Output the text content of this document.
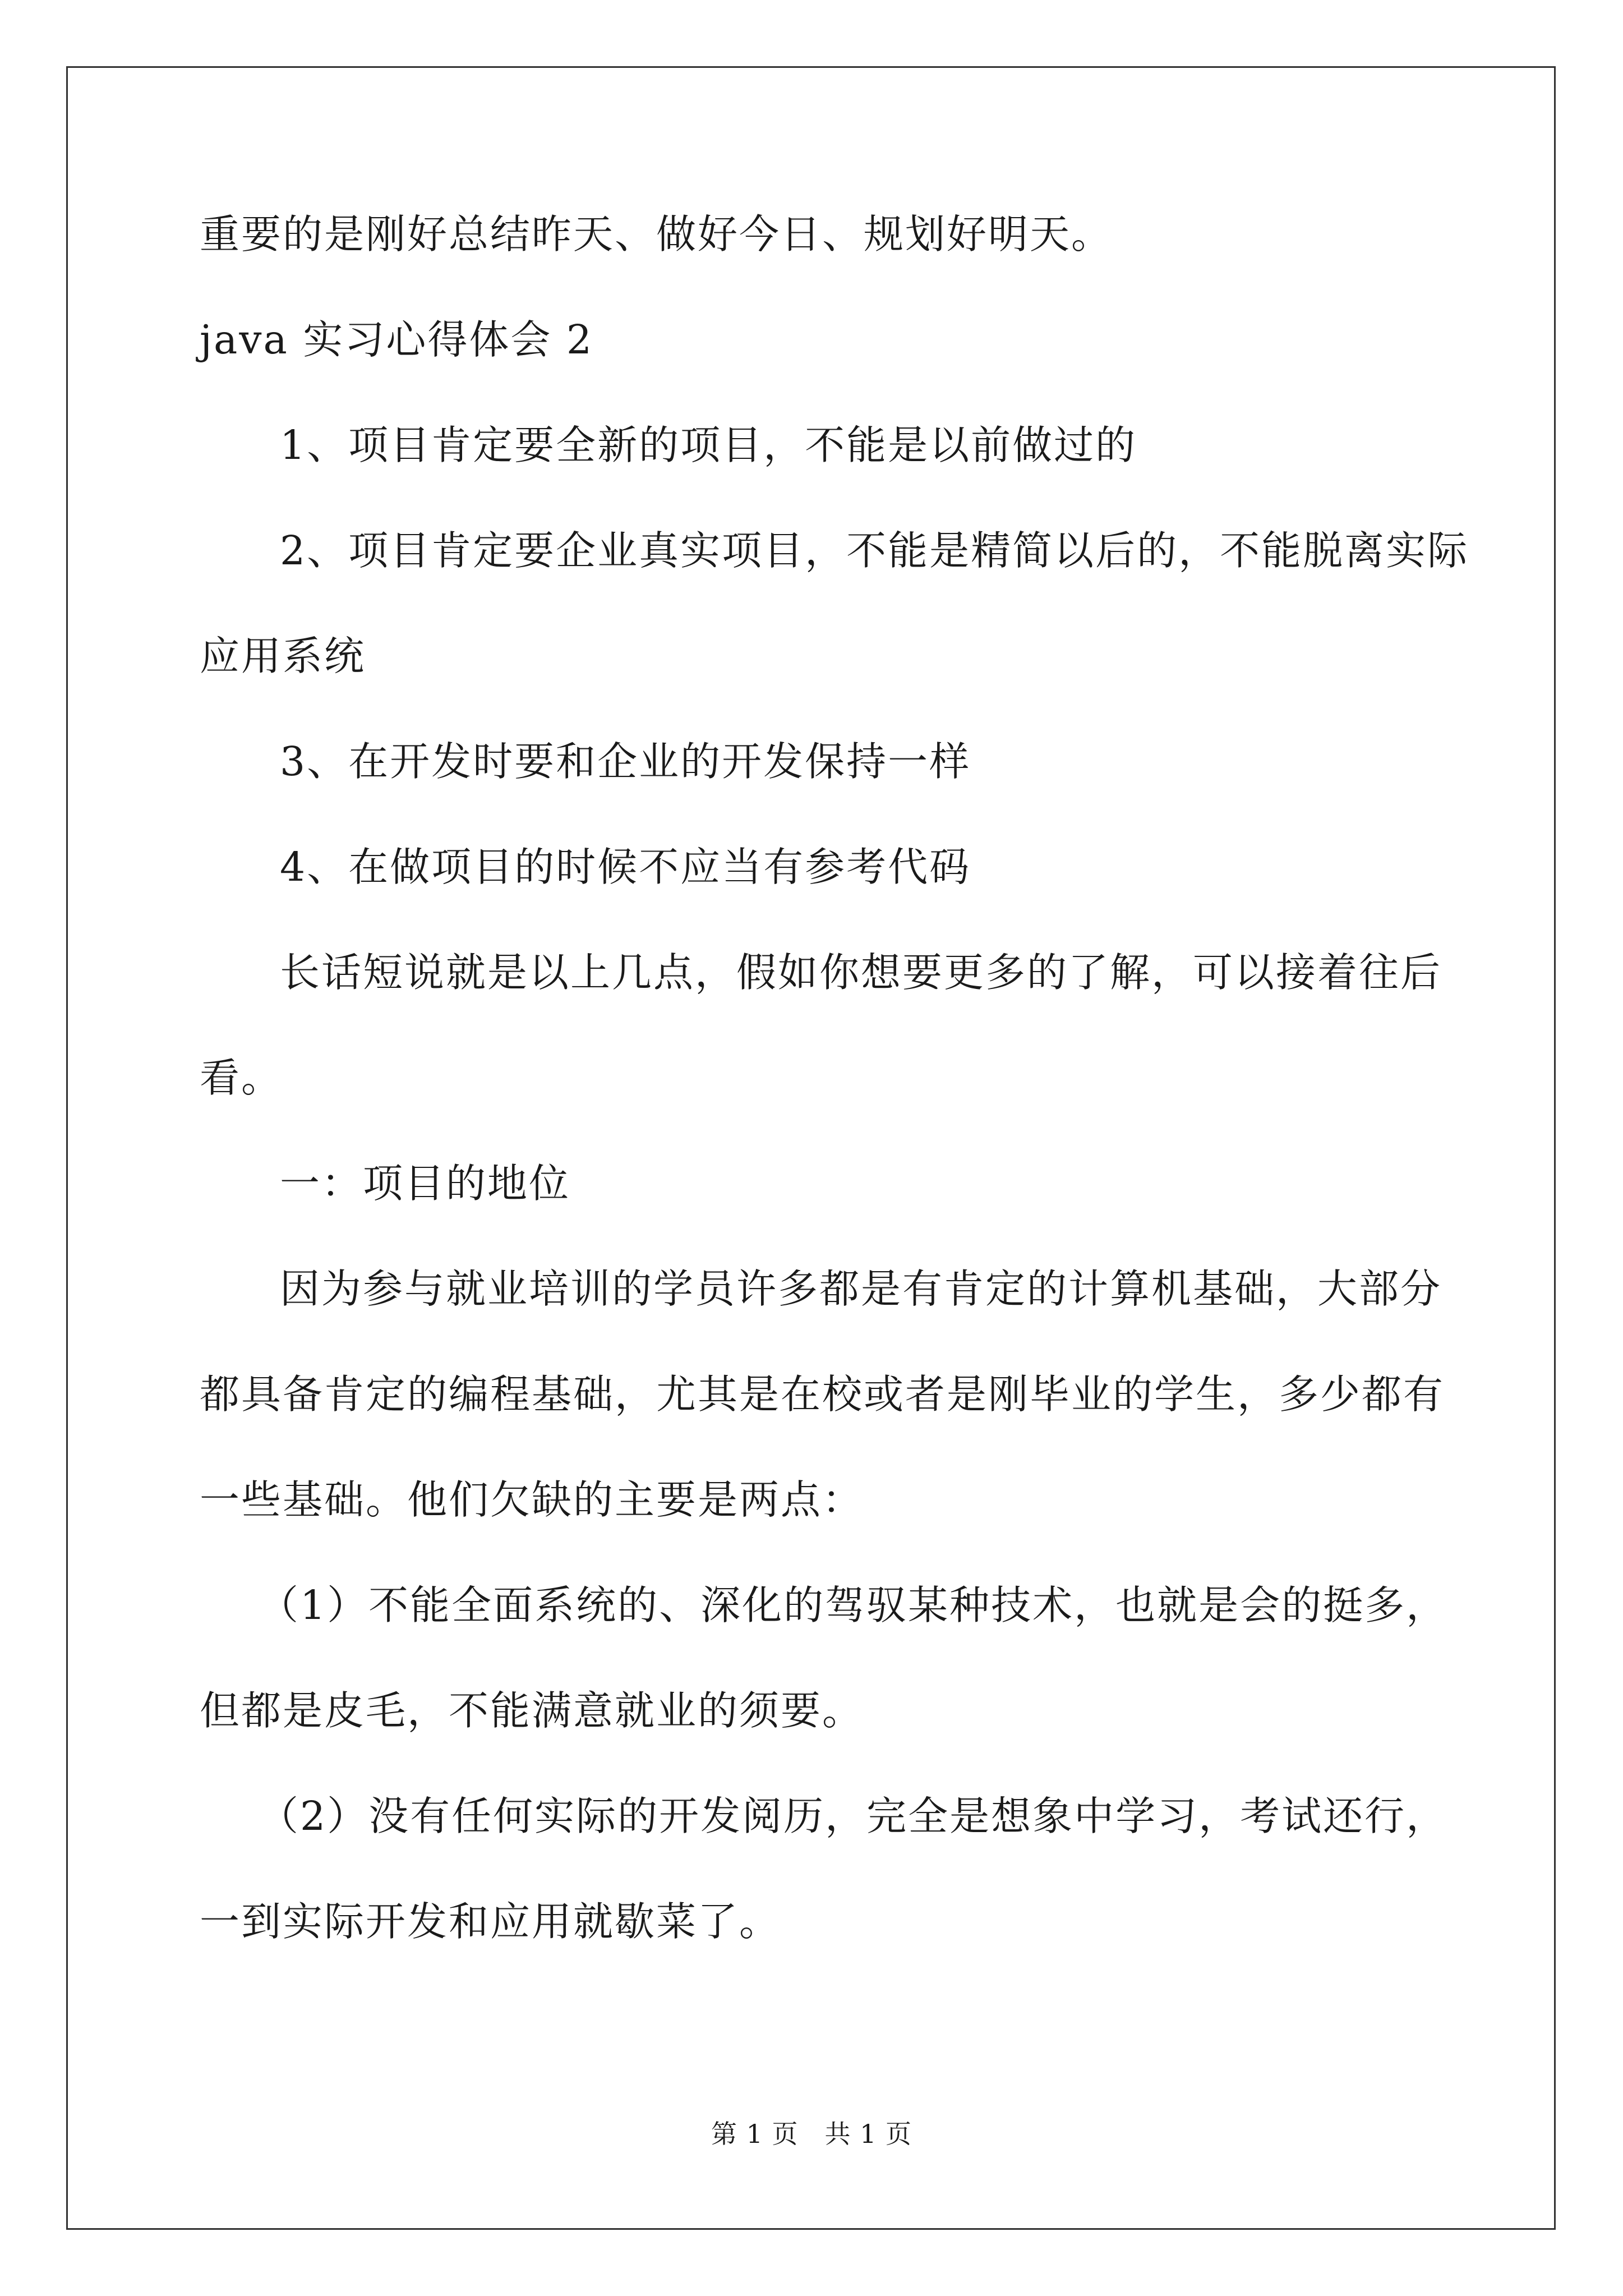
重要的是刚好总结昨天、做好今日、规划好明天。

java 实习心得体会 2

1、项目肯定要全新的项目，不能是以前做过的

2、项目肯定要企业真实项目，不能是精简以后的，不能脱离实际

应用系统

3、在开发时要和企业的开发保持一样

4、在做项目的时候不应当有参考代码

长话短说就是以上几点，假如你想要更多的了解，可以接着往后

看。

一：项目的地位

因为参与就业培训的学员许多都是有肯定的计算机基础，大部分

都具备肯定的编程基础，尤其是在校或者是刚毕业的学生，多少都有

一些基础。他们欠缺的主要是两点：

（1）不能全面系统的、深化的驾驭某种技术，也就是会的挺多，

但都是皮毛，不能满意就业的须要。

（2）没有任何实际的开发阅历，完全是想象中学习，考试还行，

一到实际开发和应用就歇菜了。

第 1 页　共 1 页
